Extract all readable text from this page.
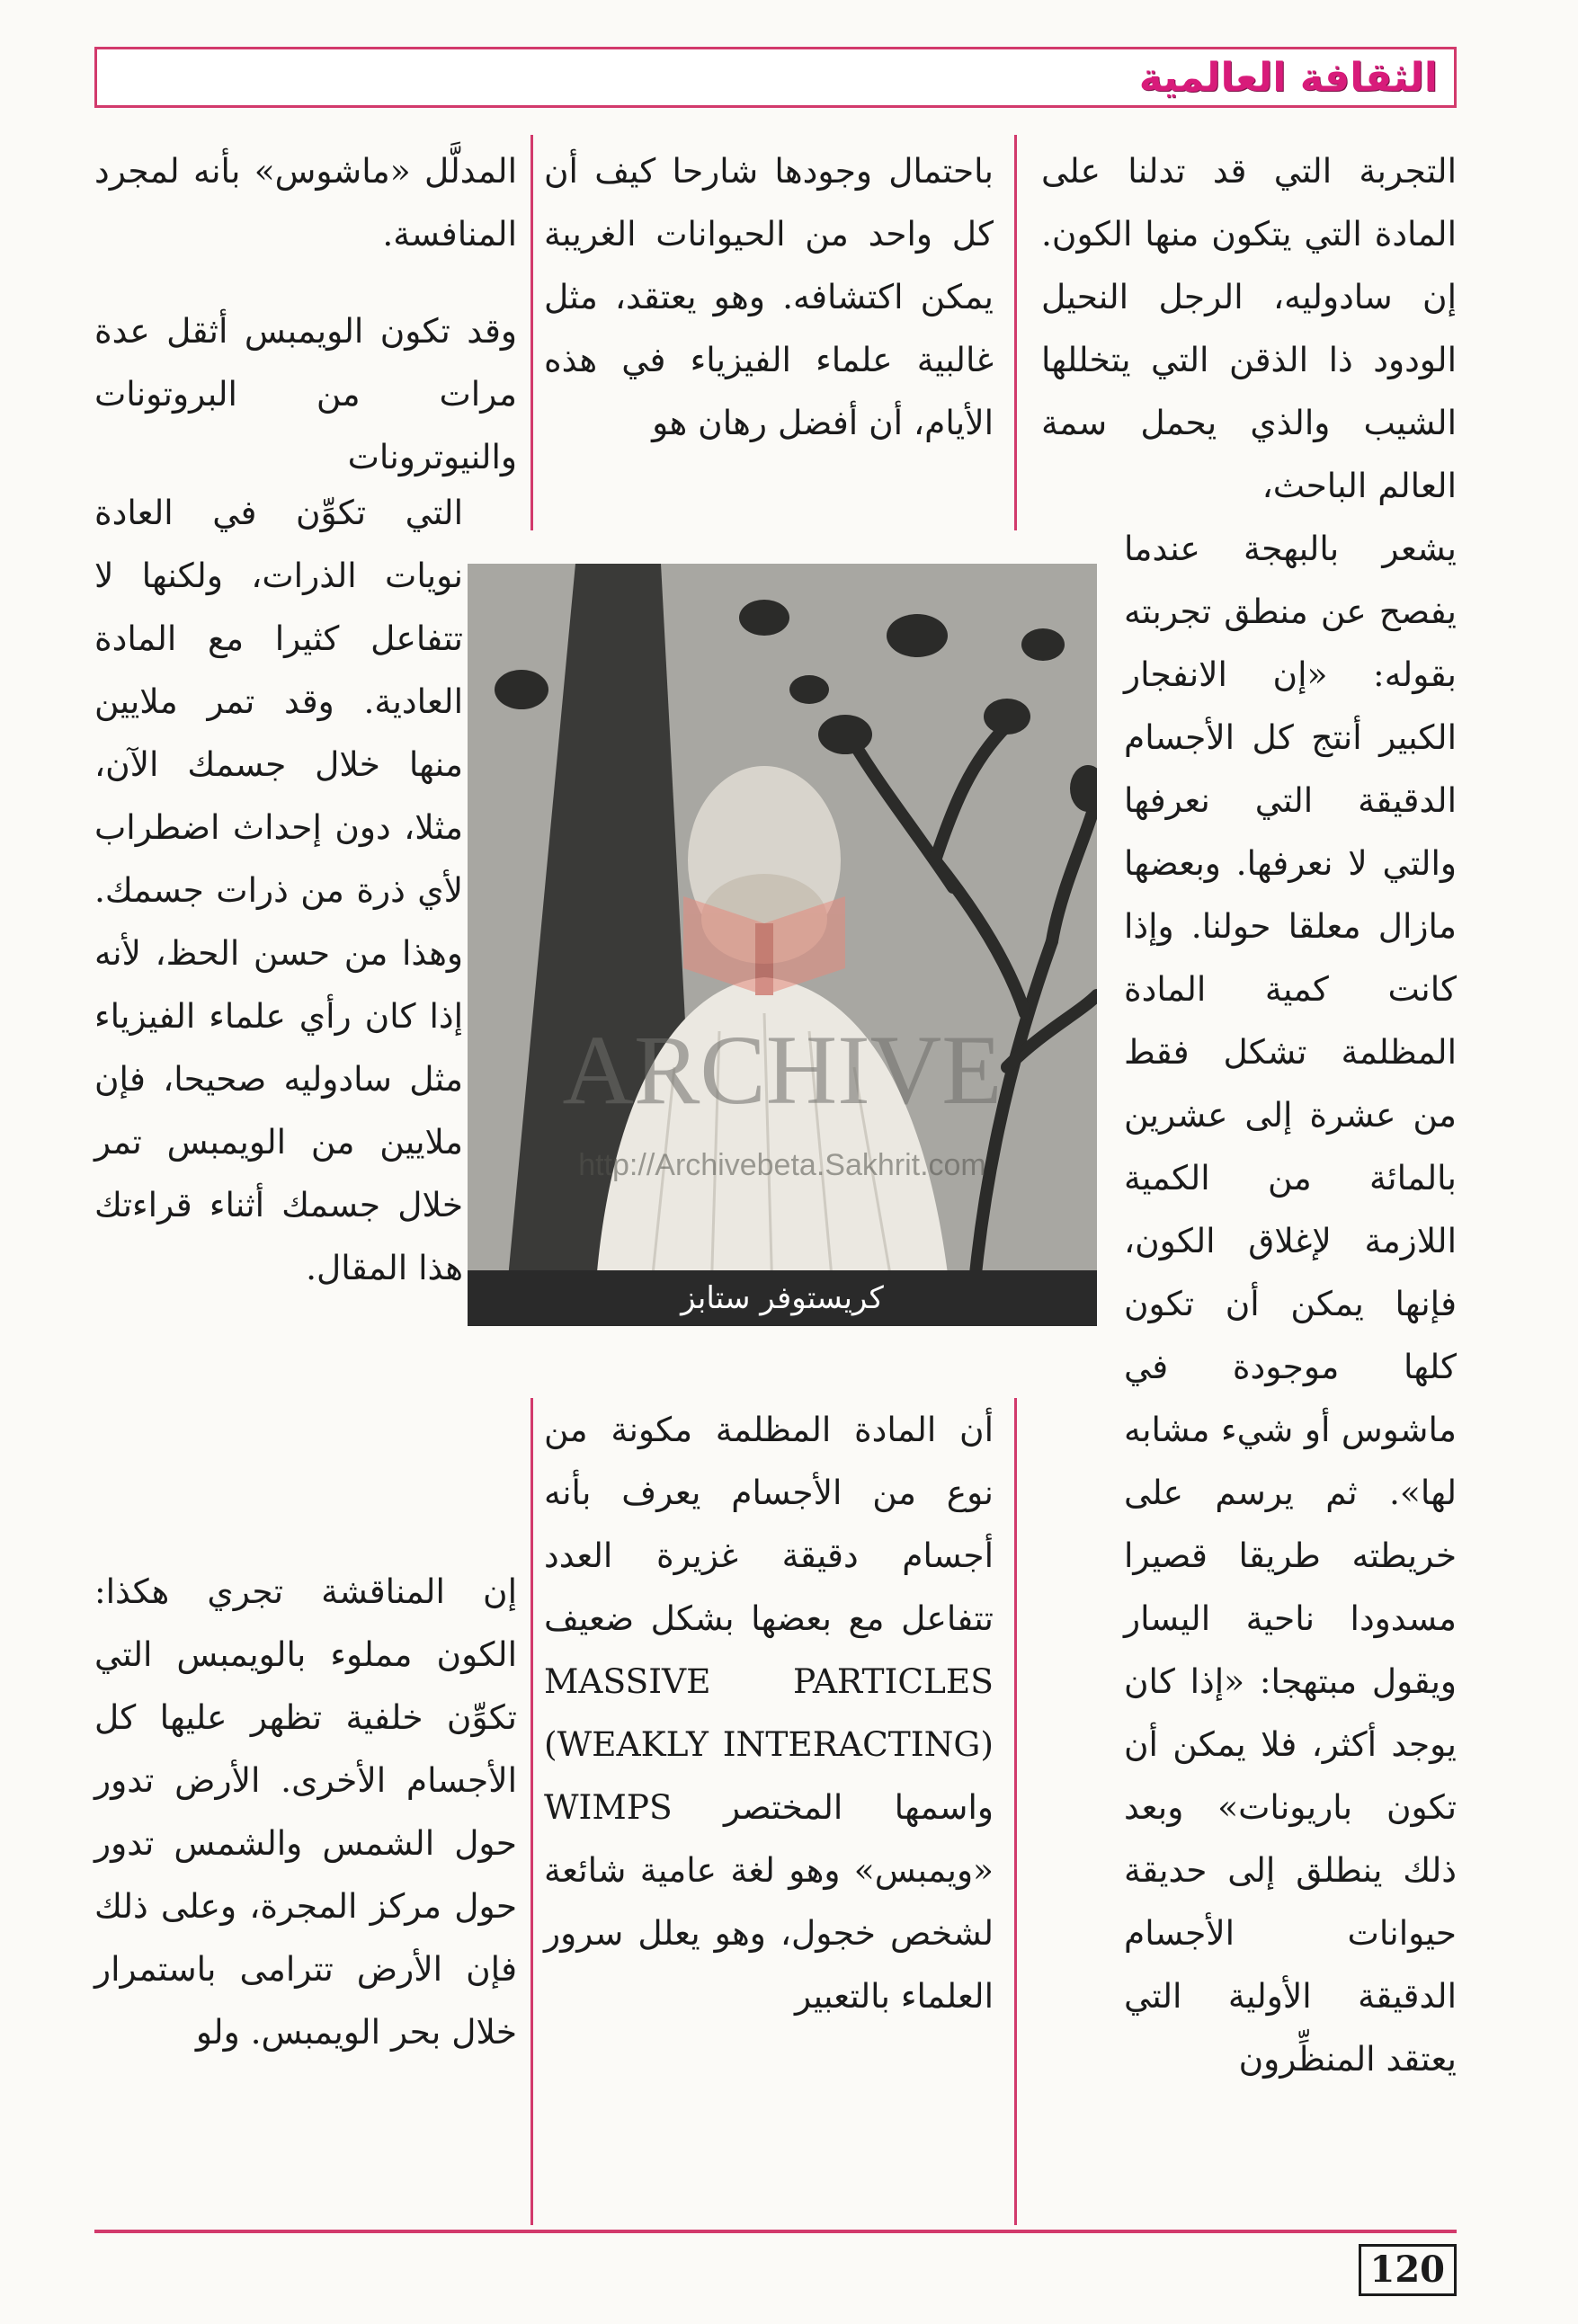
الثقافة العالمية

التجربة التي قد تدلنا على المادة التي يتكون منها الكون. إن سادوليه، الرجل النحيل الودود ذا الذقن التي يتخللها الشيب والذي يحمل سمة العالم الباحث،

يشعر بالبهجة عندما يفصح عن منطق تجربته بقوله: «إن الانفجار الكبير أنتج كل الأجسام الدقيقة التي نعرفها والتي لا نعرفها. وبعضها مازال معلقا حولنا. وإذا كانت كمية المادة المظلمة تشكل فقط من عشرة إلى عشرين بالمائة من الكمية اللازمة لإغلاق الكون، فإنها يمكن أن تكون كلها موجودة في ماشوس أو شيء مشابه لها». ثم يرسم على خريطته طريقا قصيرا مسدودا ناحية اليسار ويقول مبتهجا: «إذا كان يوجد أكثر، فلا يمكن أن تكون باريونات» وبعد ذلك ينطلق إلى حديقة حيوانات الأجسام الدقيقة الأولية التي يعتقد المنظِّرون

باحتمال وجودها شارحا كيف أن كل واحد من الحيوانات الغريبة يمكن اكتشافه. وهو يعتقد، مثل غالبية علماء الفيزياء في هذه الأيام، أن أفضل رهان هو

أن المادة المظلمة مكونة من نوع من الأجسام يعرف بأنه أجسام دقيقة غزيرة العدد تتفاعل مع بعضها بشكل ضعيف MASSIVE PARTICLES (WEAKLY INTERACTING) واسمها المختصر WIMPS «ويمبس» وهو لغة عامية شائعة لشخص خجول، وهو يعلل سرور العلماء بالتعبير

المدلَّل «ماشوس» بأنه لمجرد المنافسة.

وقد تكون الويمبس أثقل عدة مرات من البروتونات والنيوترونات

التي تكوِّن في العادة نويات الذرات، ولكنها لا تتفاعل كثيرا مع المادة العادية. وقد تمر ملايين منها خلال جسمك الآن، مثلا، دون إحداث اضطراب لأي ذرة من ذرات جسمك. وهذا من حسن الحظ، لأنه إذا كان رأي علماء الفيزياء مثل سادوليه صحيحا، فإن ملايين من الويمبس تمر خلال جسمك أثناء قراءتك هذا المقال.

إن المناقشة تجري هكذا: الكون مملوء بالويمبس التي تكوِّن خلفية تظهر عليها كل الأجسام الأخرى. الأرض تدور حول الشمس والشمس تدور حول مركز المجرة، وعلى ذلك فإن الأرض تترامى باستمرار خلال بحر الويمبس. ولو

ARCHIVE
http://Archivebeta.Sakhrit.com
كريستوفر ستابز
120
